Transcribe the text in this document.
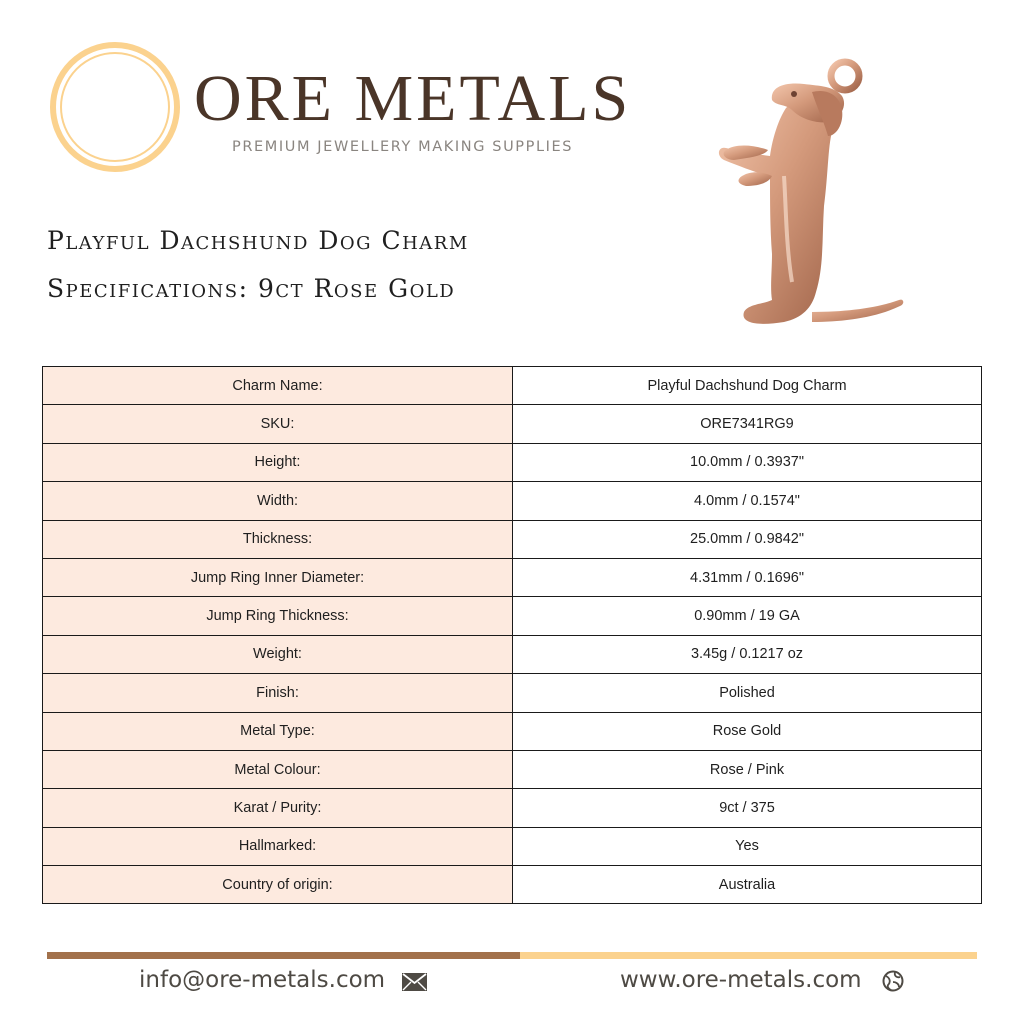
ORE METALS
PREMIUM JEWELLERY MAKING SUPPLIES
Playful Dachshund Dog Charm
Specifications: 9ct Rose Gold
Charm Name:	Playful Dachshund Dog Charm
SKU:	ORE7341RG9
Height:	10.0mm / 0.3937"
Width:	4.0mm / 0.1574"
Thickness:	25.0mm / 0.9842"
Jump Ring Inner Diameter:	4.31mm / 0.1696"
Jump Ring Thickness:	0.90mm / 19 GA
Weight:	3.45g / 0.1217 oz
Finish:	Polished
Metal Type:	Rose Gold
Metal Colour:	Rose / Pink
Karat / Purity:	9ct / 375
Hallmarked:	Yes
Country of origin:	Australia
info@ore-metals.com	www.ore-metals.com
